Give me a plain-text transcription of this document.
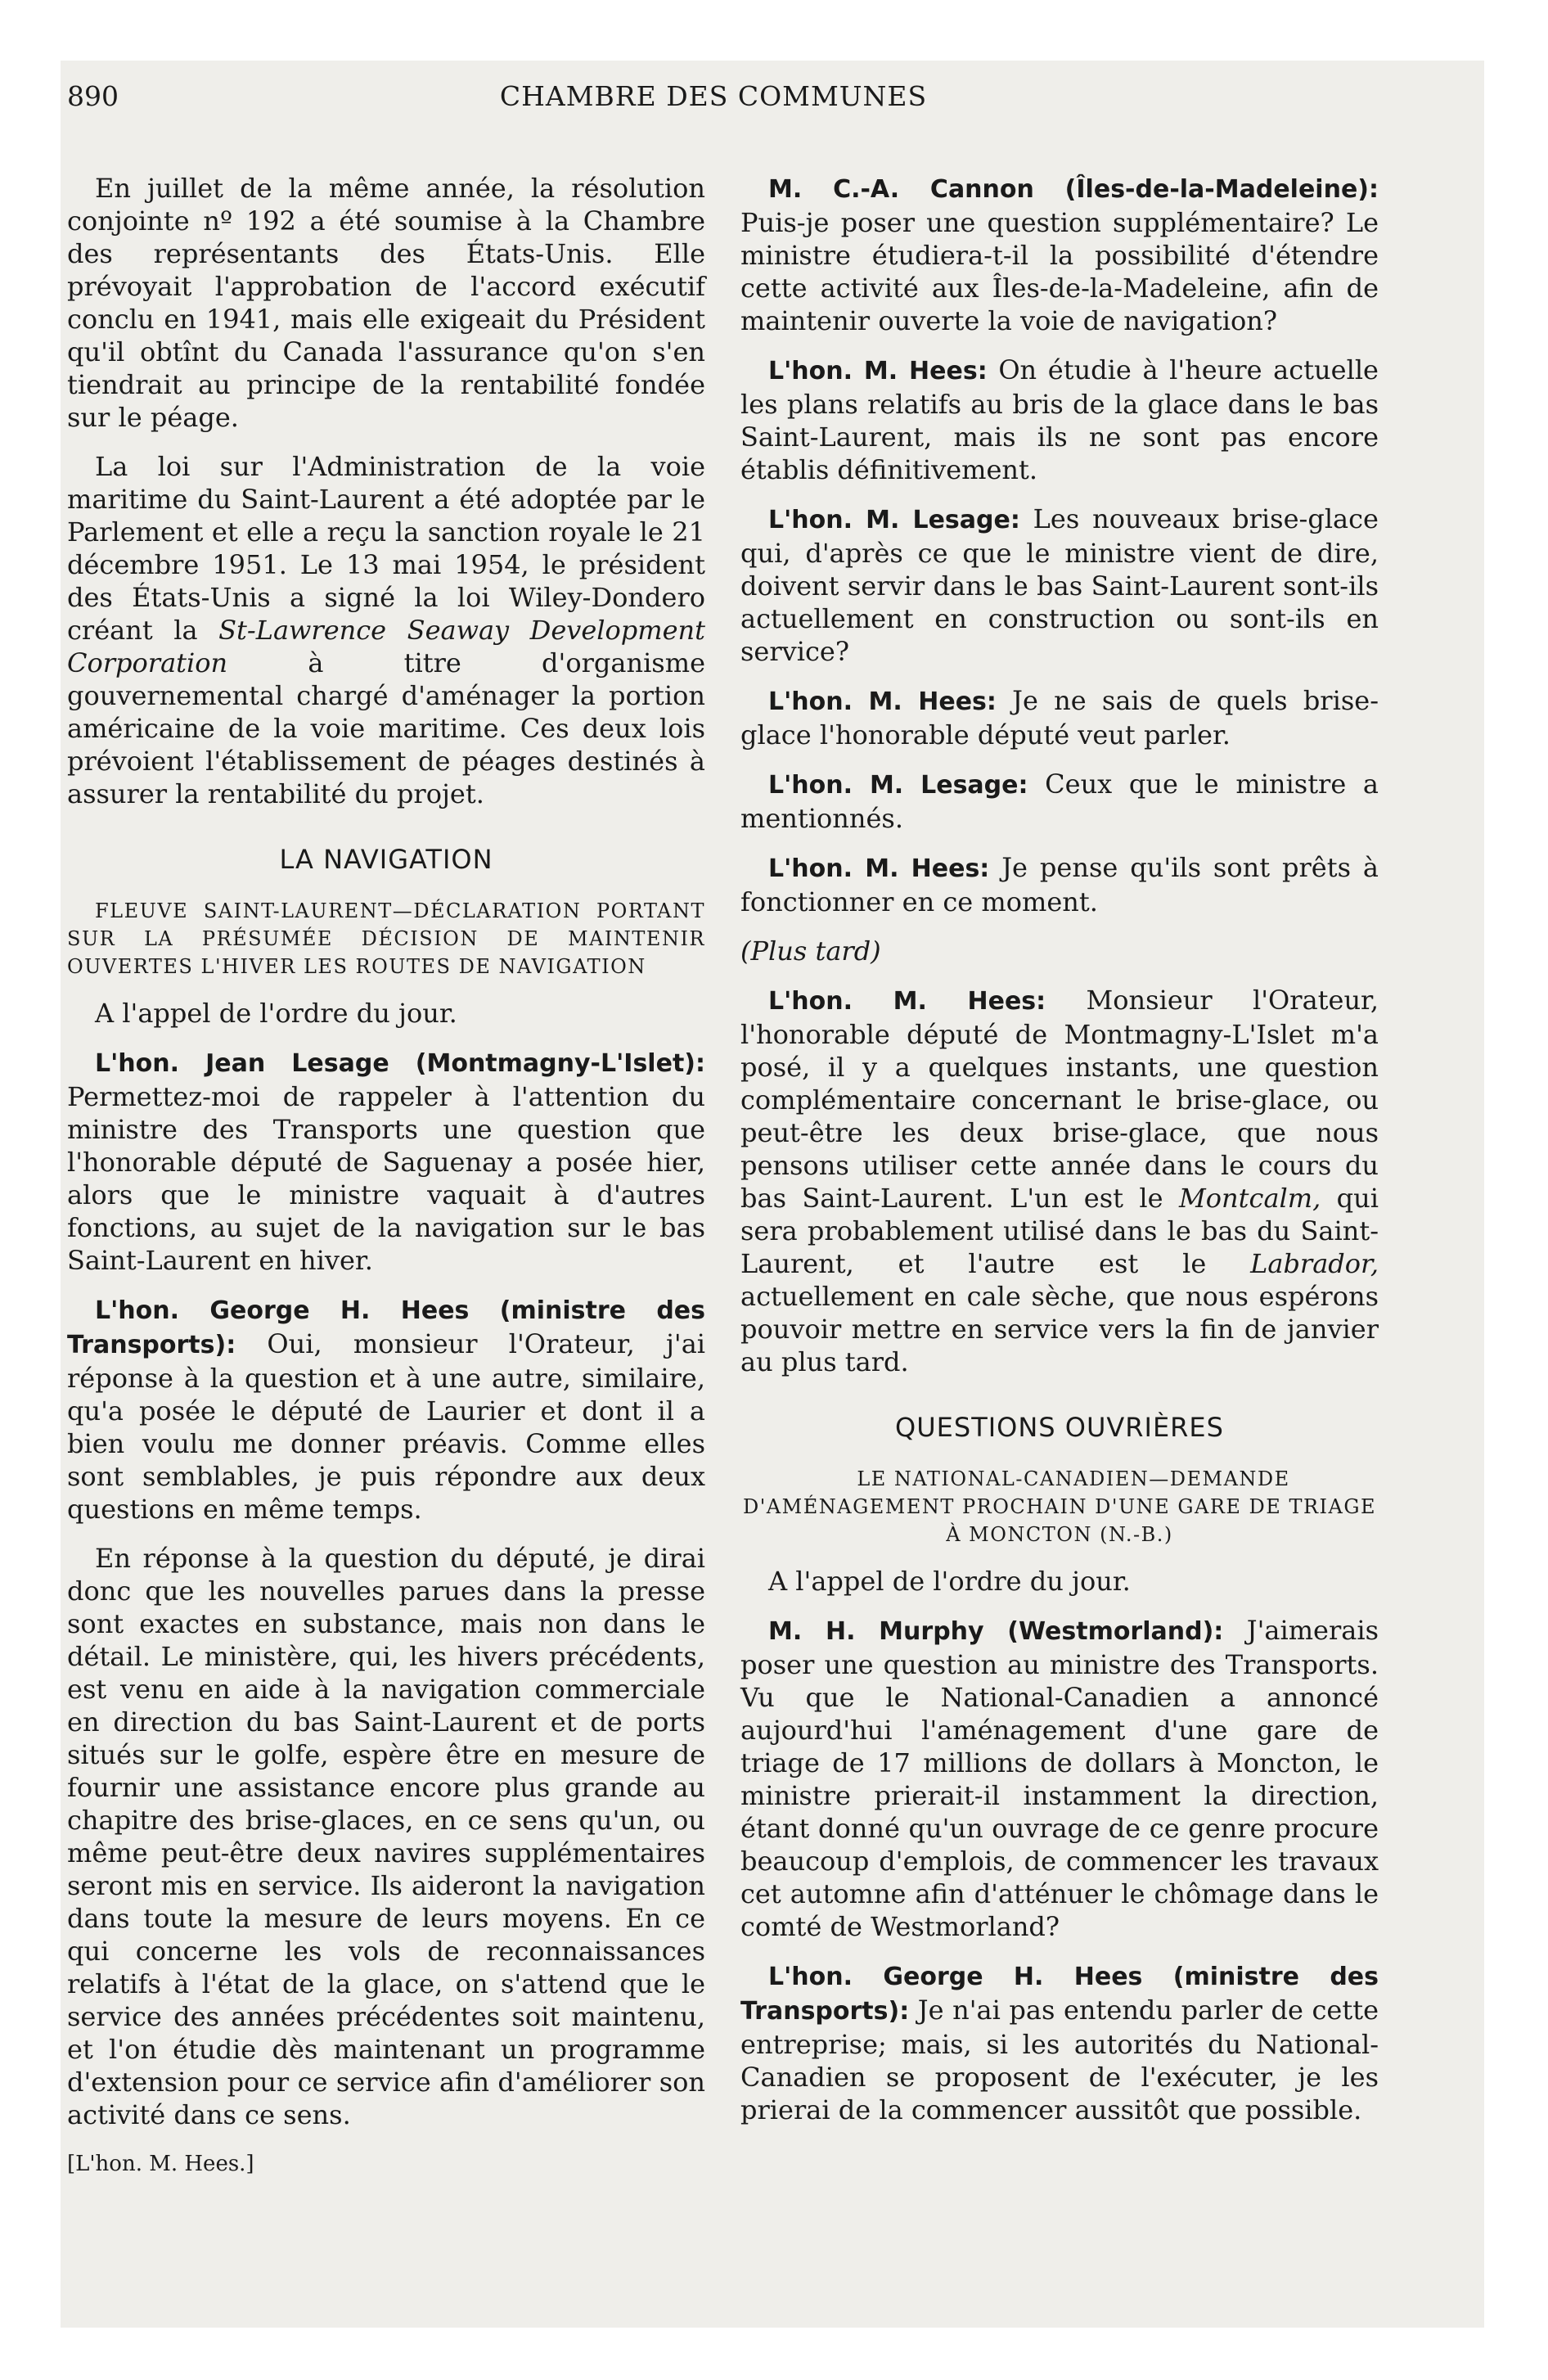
890	CHAMBRE DES COMMUNES

En juillet de la même année, la résolution conjointe nº 192 a été soumise à la Chambre des représentants des États-Unis. Elle prévoyait l'approbation de l'accord exécutif conclu en 1941, mais elle exigeait du Président qu'il obtînt du Canada l'assurance qu'on s'en tiendrait au principe de la rentabilité fondée sur le péage.

La loi sur l'Administration de la voie maritime du Saint-Laurent a été adoptée par le Parlement et elle a reçu la sanction royale le 21 décembre 1951. Le 13 mai 1954, le président des États-Unis a signé la loi Wiley-Dondero créant la St-Lawrence Seaway Development Corporation à titre d'organisme gouvernemental chargé d'aménager la portion américaine de la voie maritime. Ces deux lois prévoient l'établissement de péages destinés à assurer la rentabilité du projet.

LA NAVIGATION

FLEUVE SAINT-LAURENT—DÉCLARATION PORTANT SUR LA PRÉSUMÉE DÉCISION DE MAINTENIR OUVERTES L'HIVER LES ROUTES DE NAVIGATION

A l'appel de l'ordre du jour.

L'hon. Jean Lesage (Montmagny-L'Islet): Permettez-moi de rappeler à l'attention du ministre des Transports une question que l'honorable député de Saguenay a posée hier, alors que le ministre vaquait à d'autres fonctions, au sujet de la navigation sur le bas Saint-Laurent en hiver.

L'hon. George H. Hees (ministre des Transports): Oui, monsieur l'Orateur, j'ai réponse à la question et à une autre, similaire, qu'a posée le député de Laurier et dont il a bien voulu me donner préavis. Comme elles sont semblables, je puis répondre aux deux questions en même temps.

En réponse à la question du député, je dirai donc que les nouvelles parues dans la presse sont exactes en substance, mais non dans le détail. Le ministère, qui, les hivers précédents, est venu en aide à la navigation commerciale en direction du bas Saint-Laurent et de ports situés sur le golfe, espère être en mesure de fournir une assistance encore plus grande au chapitre des brise-glaces, en ce sens qu'un, ou même peut-être deux navires supplémentaires seront mis en service. Ils aideront la navigation dans toute la mesure de leurs moyens. En ce qui concerne les vols de reconnaissances relatifs à l'état de la glace, on s'attend que le service des années précédentes soit maintenu, et l'on étudie dès maintenant un programme d'extension pour ce service afin d'améliorer son activité dans ce sens.

[L'hon. M. Hees.]

M. C.-A. Cannon (Îles-de-la-Madeleine): Puis-je poser une question supplémentaire? Le ministre étudiera-t-il la possibilité d'étendre cette activité aux Îles-de-la-Madeleine, afin de maintenir ouverte la voie de navigation?

L'hon. M. Hees: On étudie à l'heure actuelle les plans relatifs au bris de la glace dans le bas Saint-Laurent, mais ils ne sont pas encore établis définitivement.

L'hon. M. Lesage: Les nouveaux brise-glace qui, d'après ce que le ministre vient de dire, doivent servir dans le bas Saint-Laurent sont-ils actuellement en construction ou sont-ils en service?

L'hon. M. Hees: Je ne sais de quels brise-glace l'honorable député veut parler.

L'hon. M. Lesage: Ceux que le ministre a mentionnés.

L'hon. M. Hees: Je pense qu'ils sont prêts à fonctionner en ce moment.

(Plus tard)

L'hon. M. Hees: Monsieur l'Orateur, l'honorable député de Montmagny-L'Islet m'a posé, il y a quelques instants, une question complémentaire concernant le brise-glace, ou peut-être les deux brise-glace, que nous pensons utiliser cette année dans le cours du bas Saint-Laurent. L'un est le Montcalm, qui sera probablement utilisé dans le bas du Saint-Laurent, et l'autre est le Labrador, actuellement en cale sèche, que nous espérons pouvoir mettre en service vers la fin de janvier au plus tard.

QUESTIONS OUVRIÈRES

LE NATIONAL-CANADIEN—DEMANDE D'AMÉNAGEMENT PROCHAIN D'UNE GARE DE TRIAGE À MONCTON (N.-B.)

A l'appel de l'ordre du jour.

M. H. Murphy (Westmorland): J'aimerais poser une question au ministre des Transports. Vu que le National-Canadien a annoncé aujourd'hui l'aménagement d'une gare de triage de 17 millions de dollars à Moncton, le ministre prierait-il instamment la direction, étant donné qu'un ouvrage de ce genre procure beaucoup d'emplois, de commencer les travaux cet automne afin d'atténuer le chômage dans le comté de Westmorland?

L'hon. George H. Hees (ministre des Transports): Je n'ai pas entendu parler de cette entreprise; mais, si les autorités du National-Canadien se proposent de l'exécuter, je les prierai de la commencer aussitôt que possible.
